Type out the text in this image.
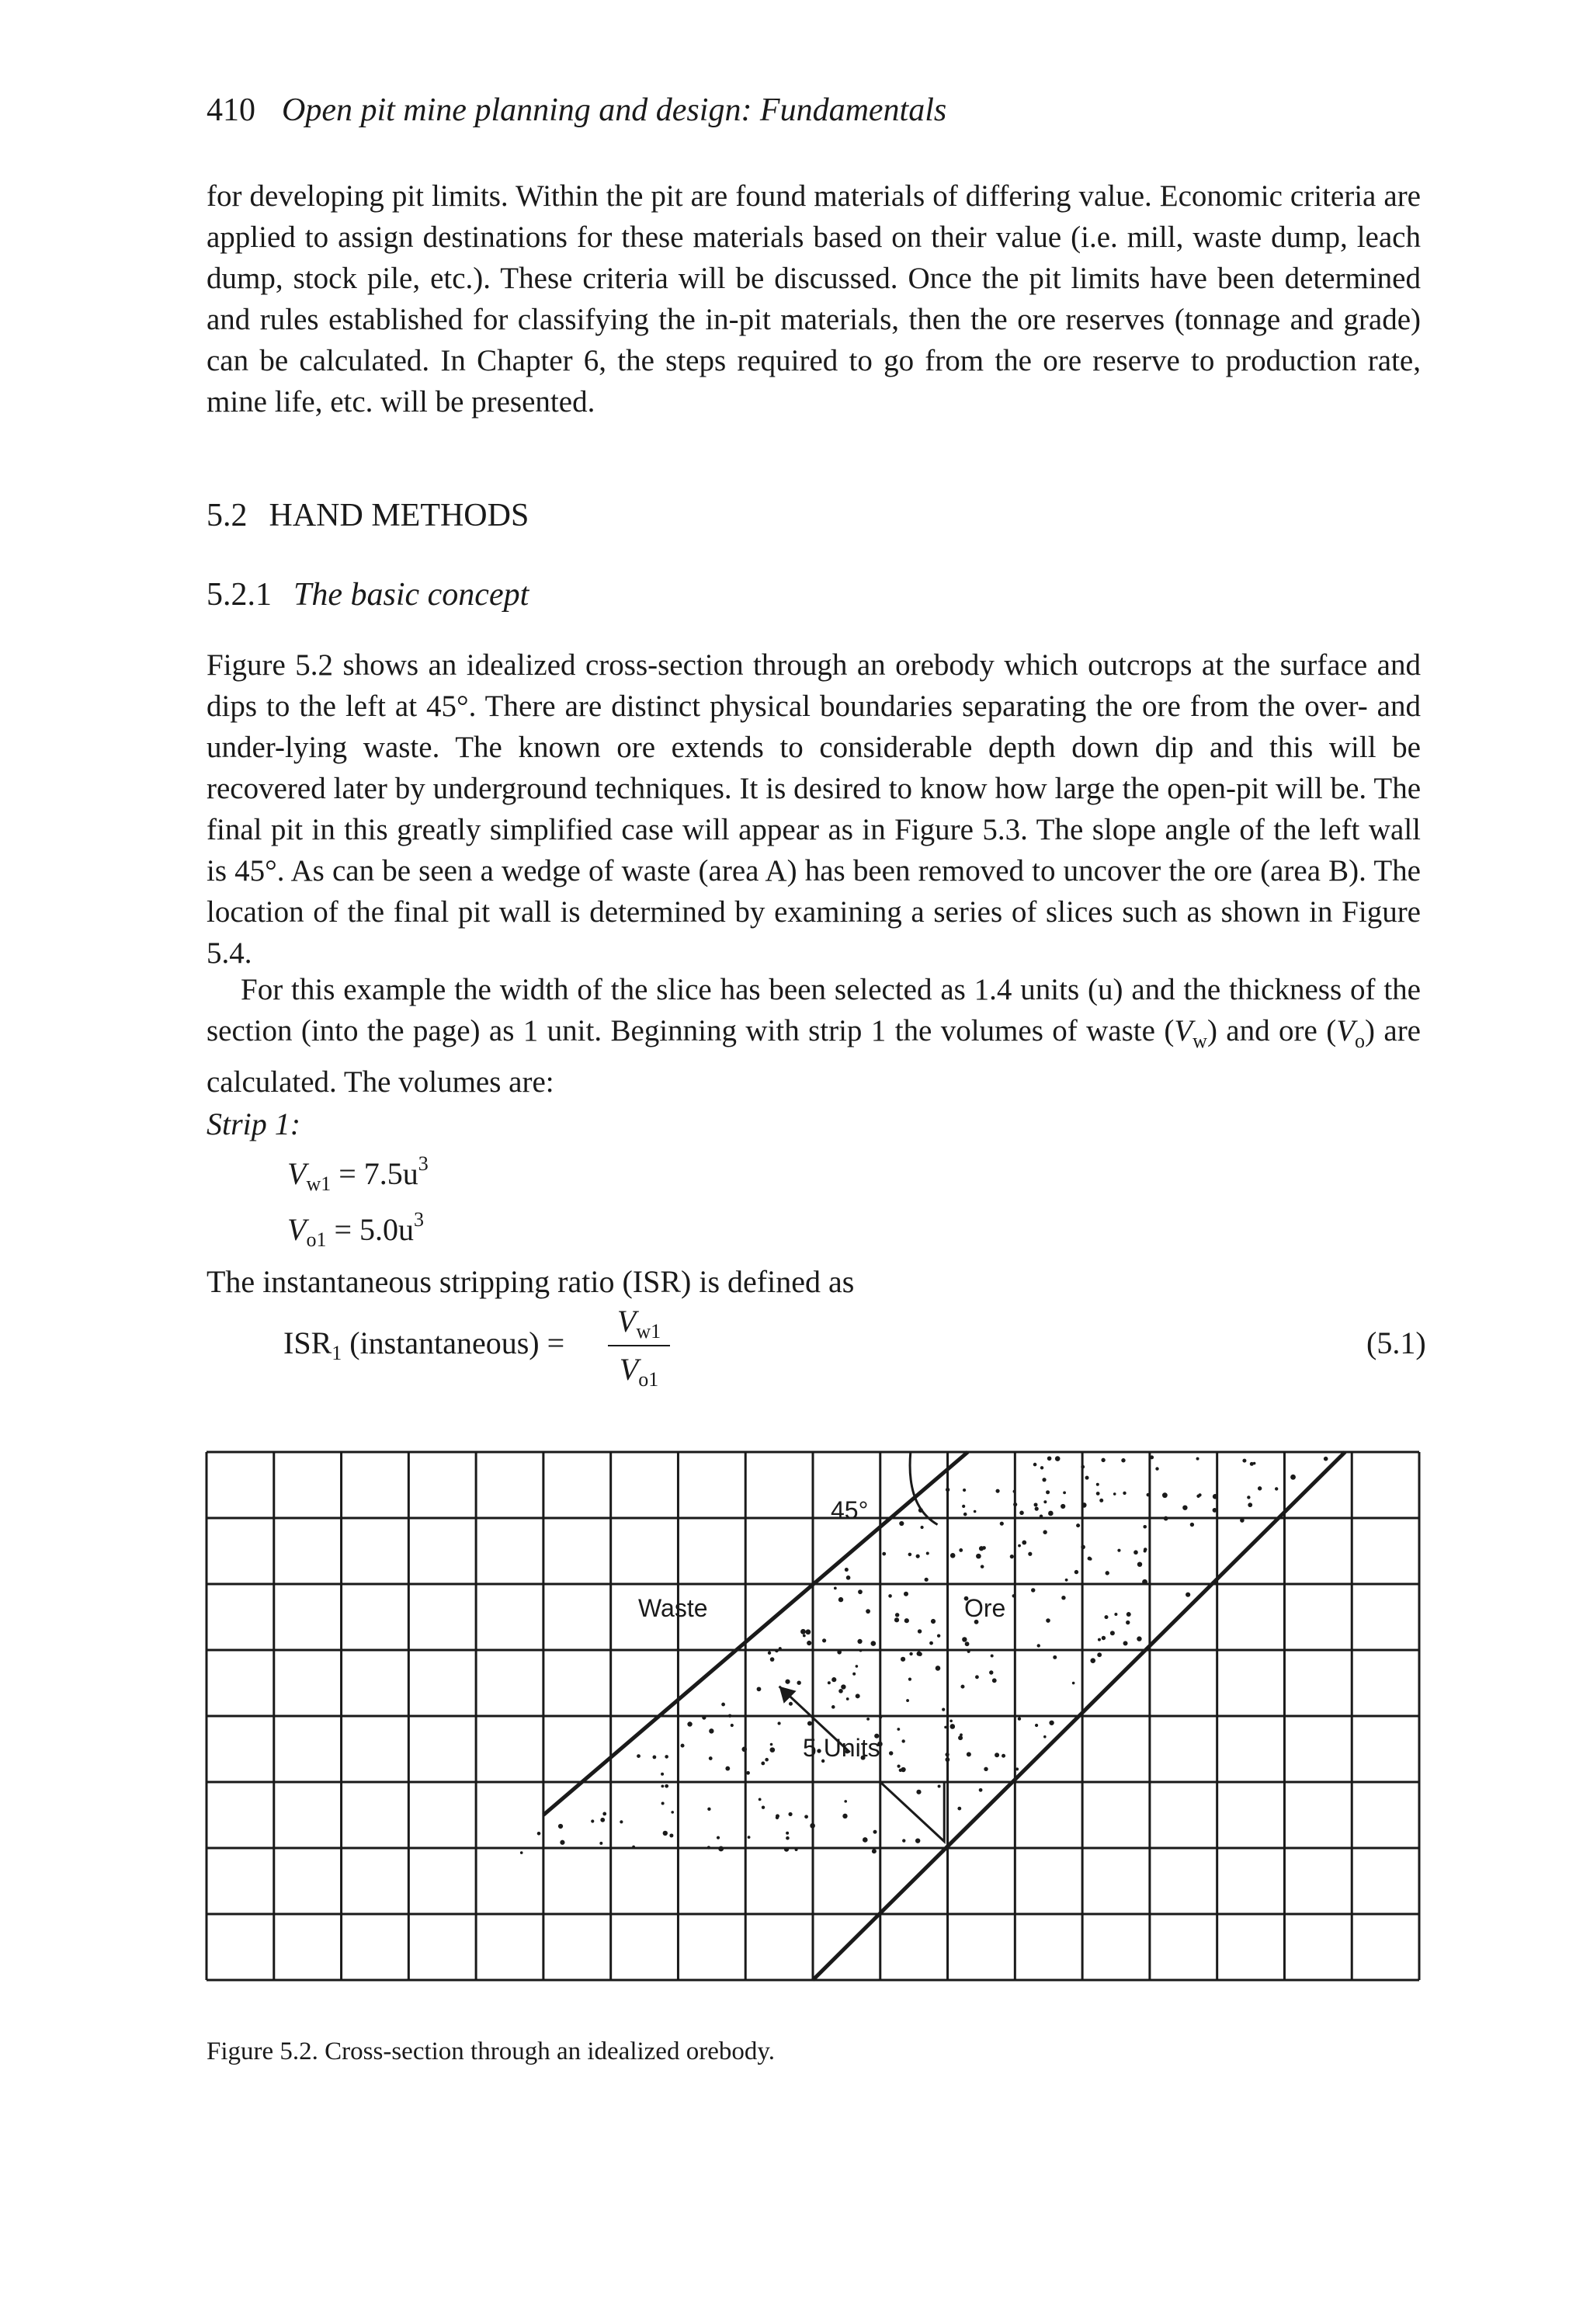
410 Open pit mine planning and design: Fundamentals

for developing pit limits. Within the pit are found materials of differing value. Economic criteria are applied to assign destinations for these materials based on their value (i.e. mill, waste dump, leach dump, stock pile, etc.). These criteria will be discussed. Once the pit limits have been determined and rules established for classifying the in-pit materials, then the ore reserves (tonnage and grade) can be calculated. In Chapter 6, the steps required to go from the ore reserve to production rate, mine life, etc. will be presented.

5.2 HAND METHODS
5.2.1 The basic concept

Figure 5.2 shows an idealized cross-section through an orebody which outcrops at the surface and dips to the left at 45°. There are distinct physical boundaries separating the ore from the over- and under-lying waste. The known ore extends to considerable depth down dip and this will be recovered later by underground techniques. It is desired to know how large the open-pit will be. The final pit in this greatly simplified case will appear as in Figure 5.3. The slope angle of the left wall is 45°. As can be seen a wedge of waste (area A) has been removed to uncover the ore (area B). The location of the final pit wall is determined by examining a series of slices such as shown in Figure 5.4.

For this example the width of the slice has been selected as 1.4 units (u) and the thickness of the section (into the page) as 1 unit. Beginning with strip 1 the volumes of waste $(V_w)$ and ore $(V_o)$ are calculated. The volumes are:

Strip 1:
$V_{w1} = 7.5u^3$
$V_{o1} = 5.0u^3$
The instantaneous stripping ratio (ISR) is defined as
$ISR_1$ (instantaneous) =
$V_{w1}$
$V_{o1}$
(5.1)
45°
Waste	Ore
5 Units
Figure 5.2. Cross-section through an idealized orebody.
